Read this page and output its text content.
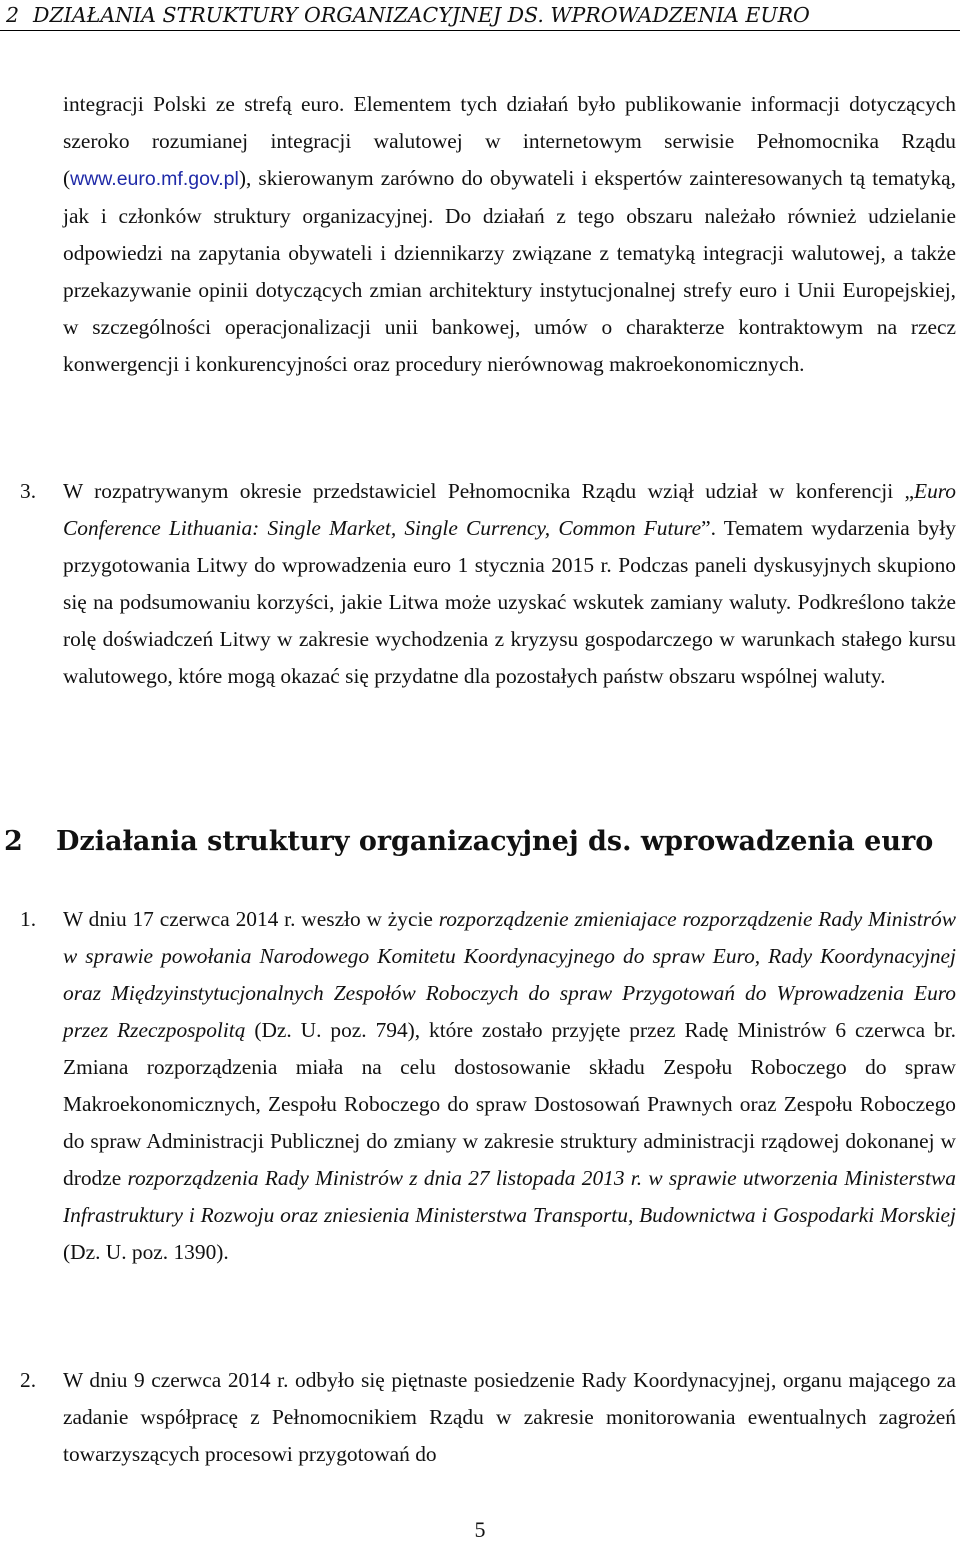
2 DZIAŁANIA STRUKTURY ORGANIZACYJNEJ DS. WPROWADZENIA EURO

integracji Polski ze strefą euro. Elementem tych działań było publikowanie informacji dotyczących szeroko rozumianej integracji walutowej w internetowym serwisie Pełnomocnika Rządu (www.euro.mf.gov.pl), skierowanym zarówno do obywateli i ekspertów zainteresowanych tą tematyką, jak i członków struktury organizacyjnej. Do działań z tego obszaru należało również udzielanie odpowiedzi na zapytania obywateli i dziennikarzy związane z tematyką integracji walutowej, a także przekazywanie opinii dotyczących zmian architektury instytucjonalnej strefy euro i Unii Europejskiej, w szczególności operacjonalizacji unii bankowej, umów o charakterze kontraktowym na rzecz konwergencji i konkurencyjności oraz procedury nierównowag makroekonomicznych.

3. W rozpatrywanym okresie przedstawiciel Pełnomocnika Rządu wziął udział w konferencji „Euro Conference Lithuania: Single Market, Single Currency, Common Future”. Tematem wydarzenia były przygotowania Litwy do wprowadzenia euro 1 stycznia 2015 r. Podczas paneli dyskusyjnych skupiono się na podsumowaniu korzyści, jakie Litwa może uzyskać wskutek zamiany waluty. Podkreślono także rolę doświadczeń Litwy w zakresie wychodzenia z kryzysu gospodarczego w warunkach stałego kursu walutowego, które mogą okazać się przydatne dla pozostałych państw obszaru wspólnej waluty.

2 Działania struktury organizacyjnej ds. wprowadzenia euro
1. W dniu 17 czerwca 2014 r. weszło w życie rozporządzenie zmieniajace rozporządzenie Rady Ministrów w sprawie powołania Narodowego Komitetu Koordynacyjnego do spraw Euro, Rady Koordynacyjnej oraz Międzyinstytucjonalnych Zespołów Roboczych do spraw Przygotowań do Wprowadzenia Euro przez Rzeczpospolitą (Dz. U. poz. 794), które zostało przyjęte przez Radę Ministrów 6 czerwca br. Zmiana rozporządzenia miała na celu dostosowanie składu Zespołu Roboczego do spraw Makroekonomicznych, Zespołu Roboczego do spraw Dostosowań Prawnych oraz Zespołu Roboczego do spraw Administracji Publicznej do zmiany w zakresie struktury administracji rządowej dokonanej w drodze rozporządzenia Rady Ministrów z dnia 27 listopada 2013 r. w sprawie utworzenia Ministerstwa Infrastruktury i Rozwoju oraz zniesienia Ministerstwa Transportu, Budownictwa i Gospodarki Morskiej (Dz. U. poz. 1390).

2. W dniu 9 czerwca 2014 r. odbyło się piętnaste posiedzenie Rady Koordynacyjnej, organu mającego za zadanie współpracę z Pełnomocnikiem Rządu w zakresie monitorowania ewentualnych zagrożeń towarzyszących procesowi przygotowań do

5
